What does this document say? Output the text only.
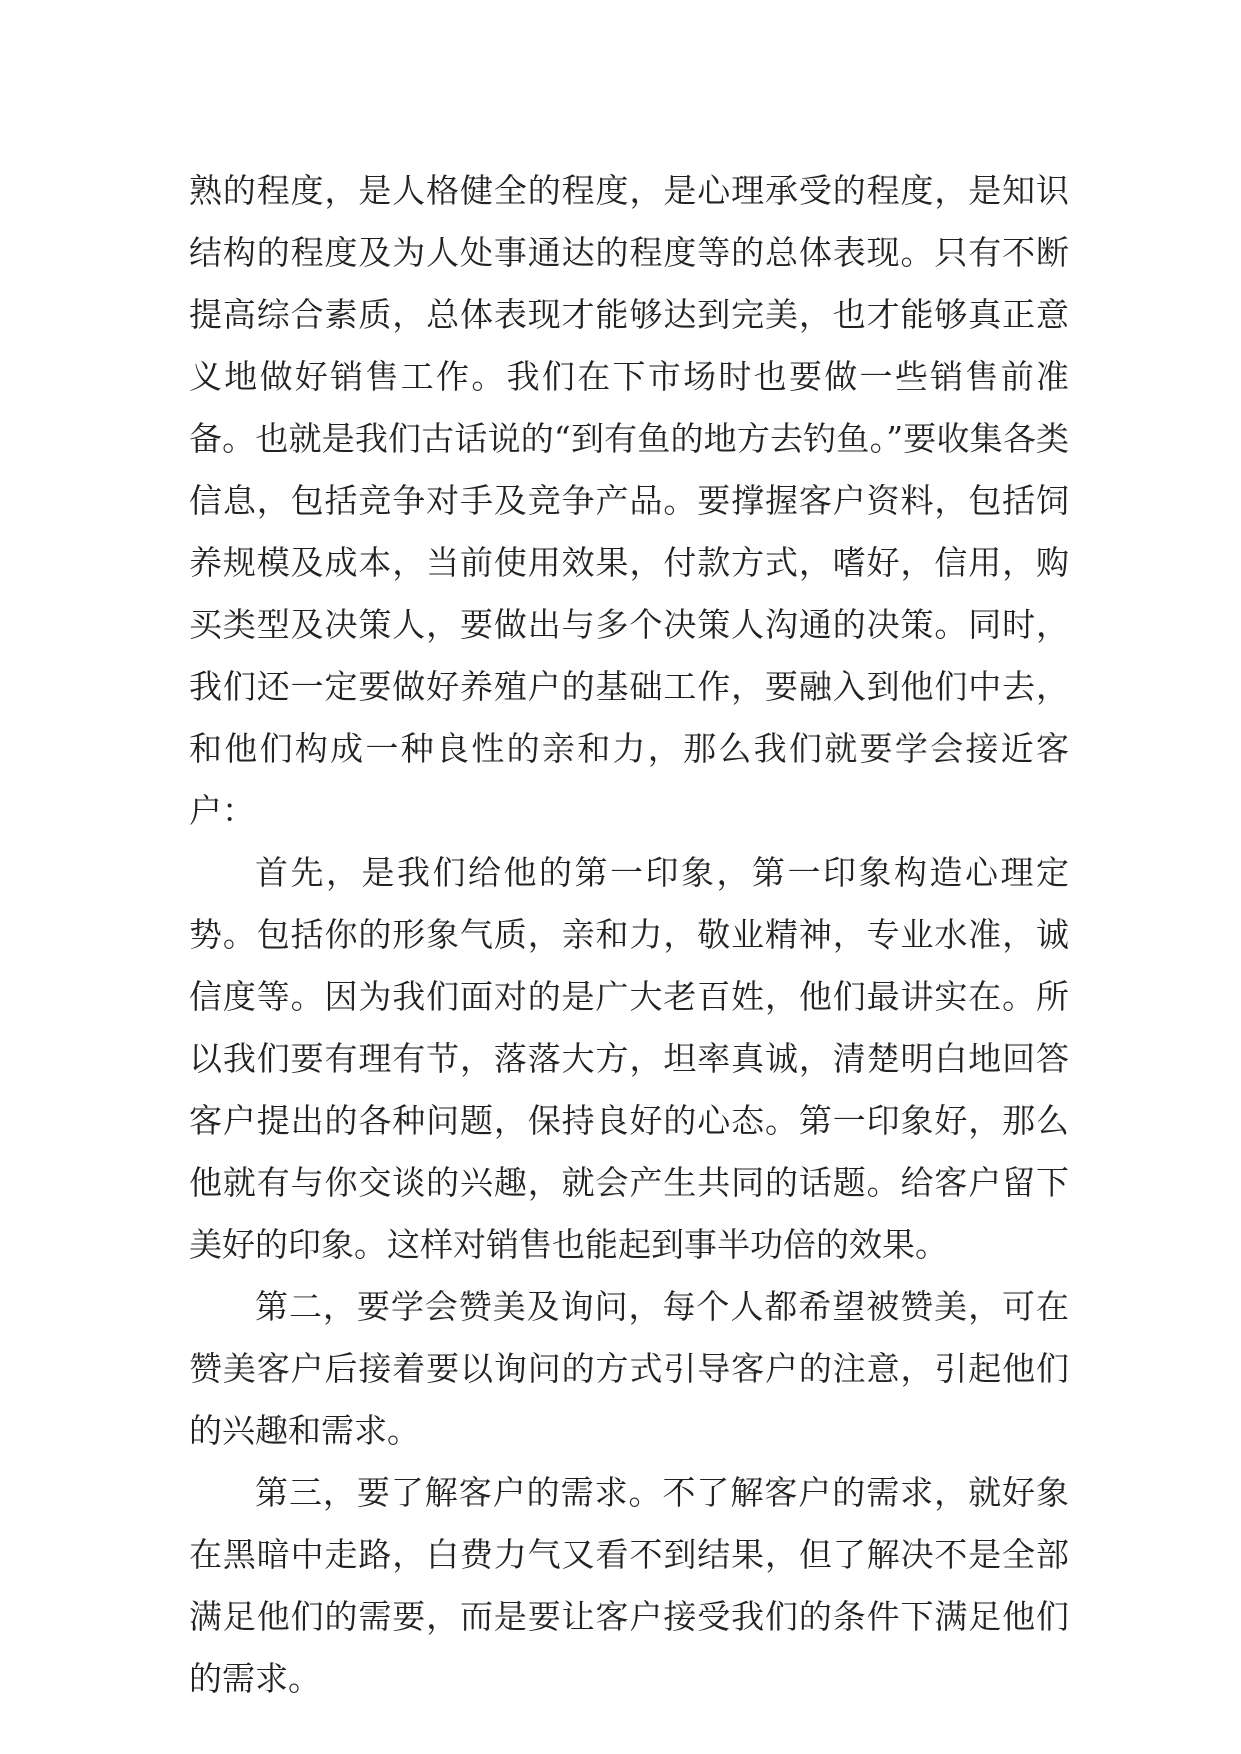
熟的程度，是人格健全的程度，是心理承受的程度，是知识结构的程度及为人处事通达的程度等的总体表现。只有不断提高综合素质，总体表现才能够达到完美，也才能够真正意义地做好销售工作。我们在下市场时也要做一些销售前准备。也就是我们古话说的“到有鱼的地方去钓鱼。”要收集各类信息，包括竞争对手及竞争产品。要撑握客户资料，包括饲养规模及成本，当前使用效果，付款方式，嗜好，信用，购买类型及决策人，要做出与多个决策人沟通的决策。同时，我们还一定要做好养殖户的基础工作，要融入到他们中去，和他们构成一种良性的亲和力，那么我们就要学会接近客户：

首先，是我们给他的第一印象，第一印象构造心理定势。包括你的形象气质，亲和力，敬业精神，专业水准，诚信度等。因为我们面对的是广大老百姓，他们最讲实在。所以我们要有理有节，落落大方，坦率真诚，清楚明白地回答客户提出的各种问题，保持良好的心态。第一印象好，那么他就有与你交谈的兴趣，就会产生共同的话题。给客户留下美好的印象。这样对销售也能起到事半功倍的效果。

第二，要学会赞美及询问，每个人都希望被赞美，可在赞美客户后接着要以询问的方式引导客户的注意，引起他们的兴趣和需求。

第三，要了解客户的需求。不了解客户的需求，就好象在黑暗中走路，白费力气又看不到结果，但了解决不是全部满足他们的需要，而是要让客户接受我们的条件下满足他们的需求。
